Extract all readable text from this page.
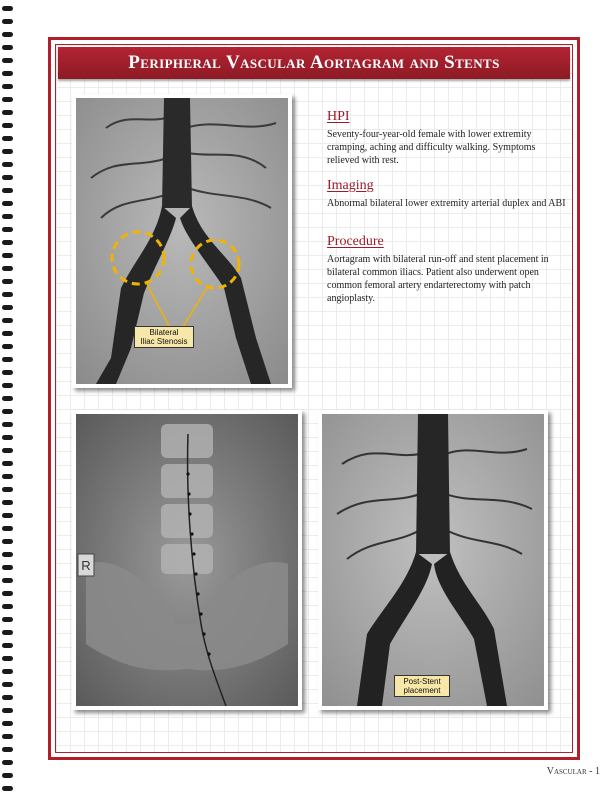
Peripheral Vascular Aortagram and Stents
Bilateral
Iliac Stenosis
HPI
Seventy-four-year-old female with lower extremity cramping, aching and difficulty walking. Symptoms relieved with rest.
Imaging
Abnormal bilateral lower extremity arterial duplex and ABI
Procedure
Aortagram with bilateral run-off and stent placement in bilateral common iliacs. Patient also underwent open common femoral artery endarterectomy with patch angioplasty.
R
Post-Stent
placement
Vascular - 1
